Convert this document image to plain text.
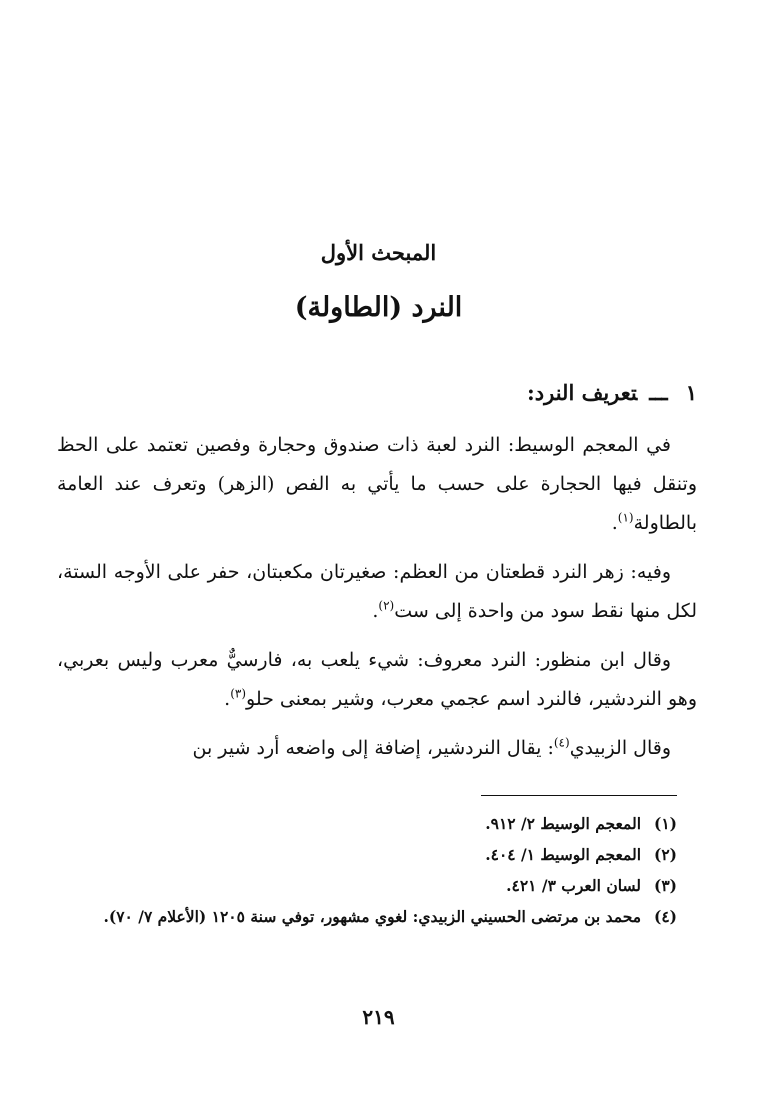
المبحث الأول
النرد (الطاولة)
١ـــتعريف النرد:

في المعجم الوسيط: النرد لعبة ذات صندوق وحجارة وفصين تعتمد على الحظ وتنقل فيها الحجارة على حسب ما يأتي به الفص (الزهر) وتعرف عند العامة بالطاولة$^{(١)}$.

وفيه: زهر النرد قطعتان من العظم: صغيرتان مكعبتان، حفر على الأوجه الستة، لكل منها نقط سود من واحدة إلى ست$^{(٢)}$.

وقال ابن منظور: النرد معروف: شيء يلعب به، فارسيٌّ معرب وليس بعربي، وهو النردشير، فالنرد اسم عجمي معرب، وشير بمعنى حلو$^{(٣)}$.

وقال الزبيدي$^{(٤)}$: يقال النردشير، إضافة إلى واضعه أرد شير بن

(١)
المعجم الوسيط ٢/ ٩١٢.
(٢)
المعجم الوسيط ١/ ٤٠٤.
(٣)
لسان العرب ٣/ ٤٢١.
(٤)
محمد بن مرتضى الحسيني الزبيدي: لغوي مشهور، توفي سنة ١٢٠٥ (الأعلام ٧/ ٧٠).
٢١٩
